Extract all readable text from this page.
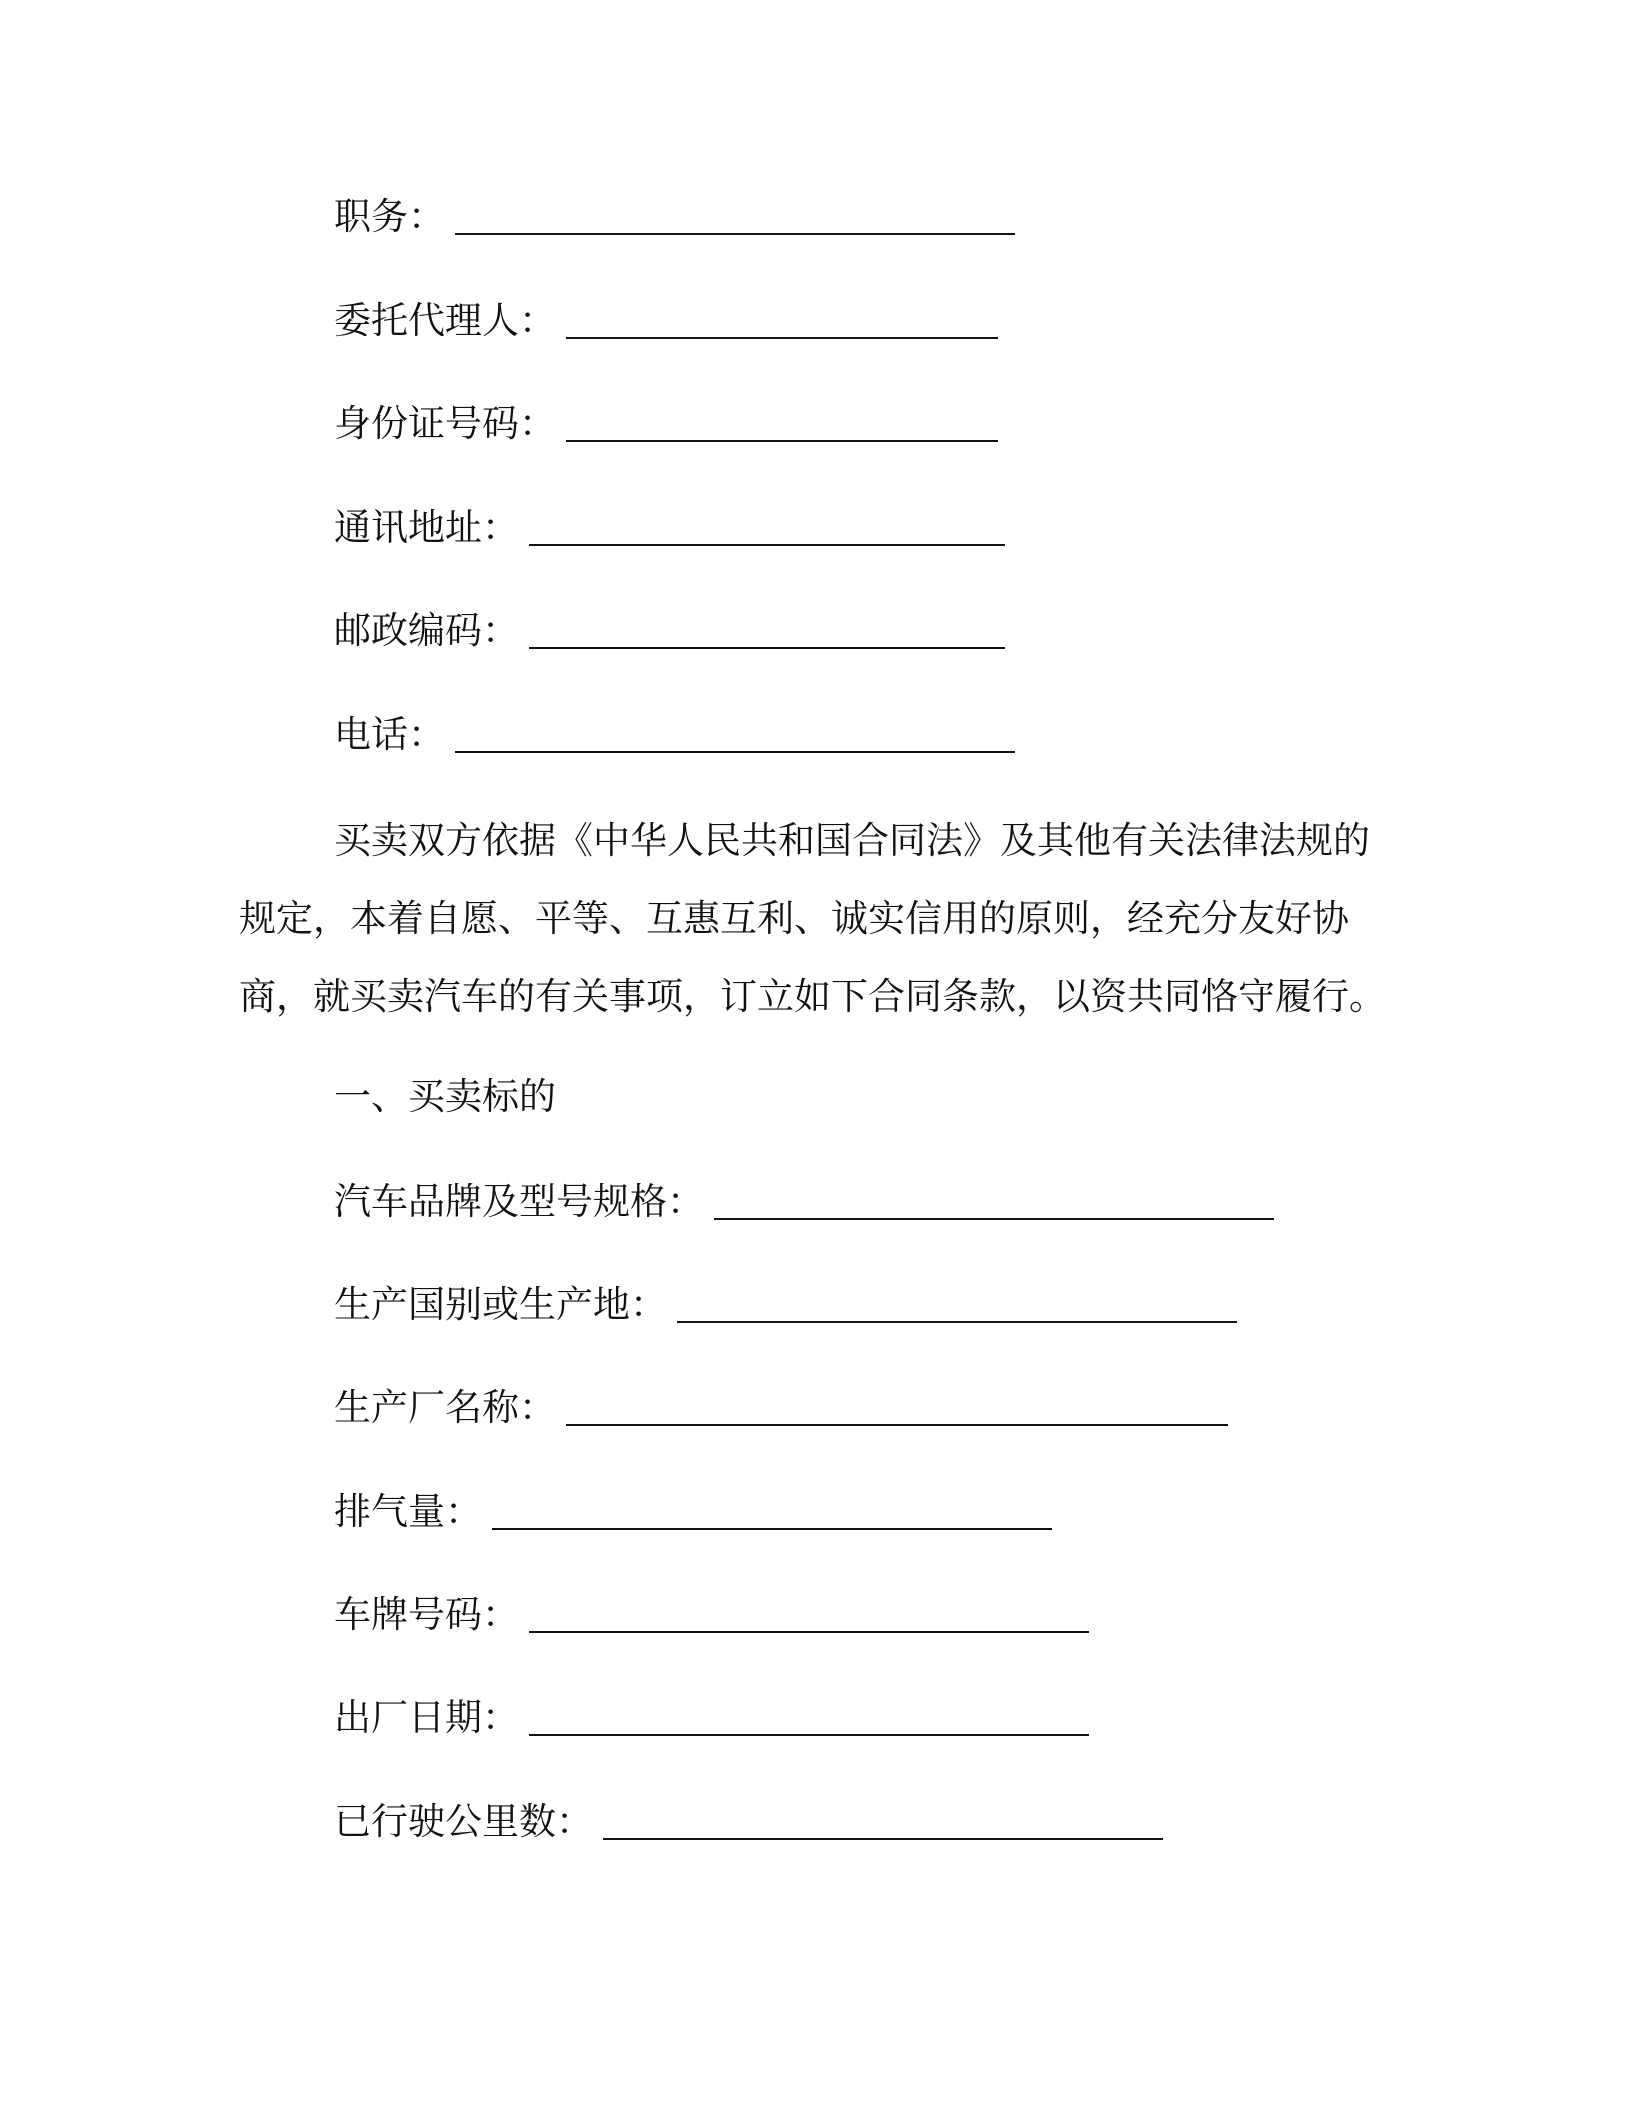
职务：
委托代理人：
身份证号码：
通讯地址：
邮政编码：
电话：
买卖双方依据《中华人民共和国合同法》及其他有关法律法规的
规定，本着自愿、平等、互惠互利、诚实信用的原则，经充分友好协
商，就买卖汽车的有关事项，订立如下合同条款，以资共同恪守履行。
一、买卖标的
汽车品牌及型号规格：
生产国别或生产地：
生产厂名称：
排气量：
车牌号码：
出厂日期：
已行驶公里数：
